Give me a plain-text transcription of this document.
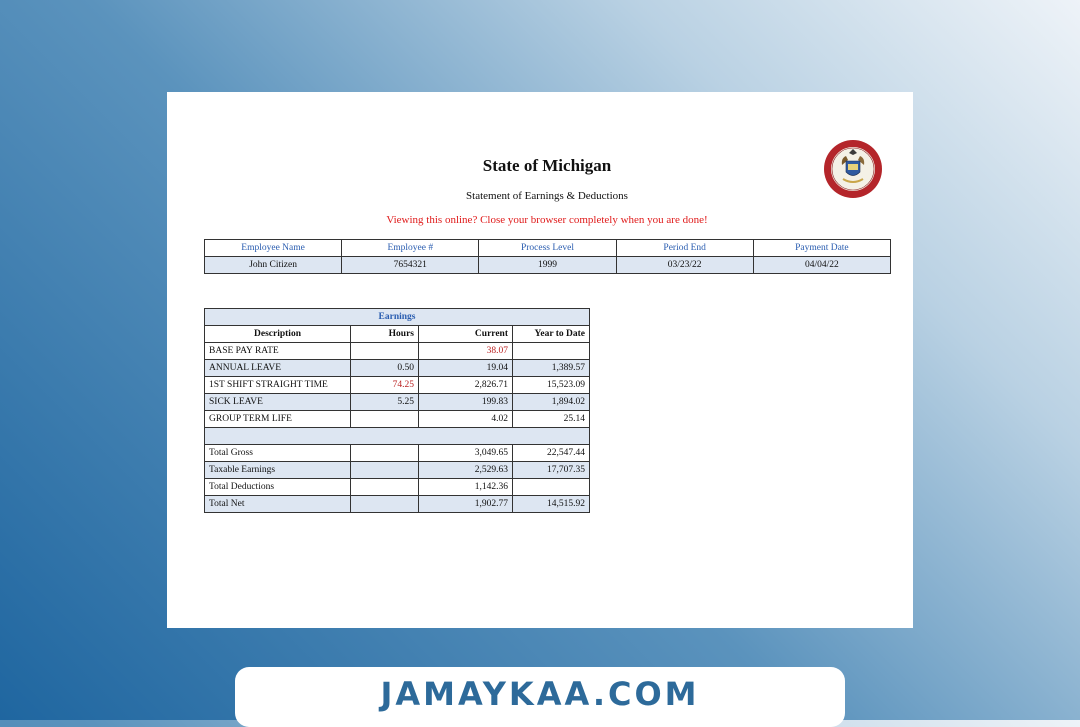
State of Michigan
Statement of Earnings & Deductions
Viewing this online? Close your browser completely when you are done!
Employee Name	Employee #	Process Level	Period End	Payment Date
John Citizen	7654321	1999	03/23/22	04/04/22
Earnings			
Description	Hours	Current	Year to Date
BASE PAY RATE		38.07	
ANNUAL LEAVE	0.50	19.04	1,389.57
1ST SHIFT STRAIGHT TIME	74.25	2,826.71	15,523.09
SICK LEAVE	5.25	199.83	1,894.02
GROUP TERM LIFE		4.02	25.14

Total Gross		3,049.65	22,547.44
Taxable Earnings		2,529.63	17,707.35
Total Deductions		1,142.36	
Total Net		1,902.77	14,515.92
JAMAYKAA.COM
